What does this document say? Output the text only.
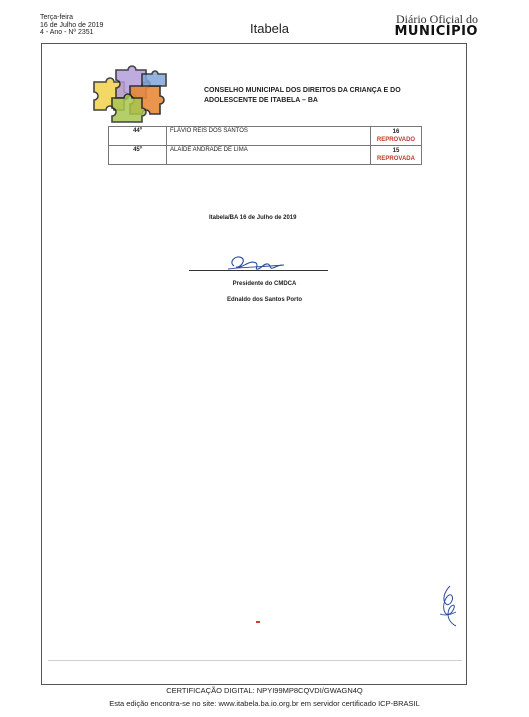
Terça-feira
16 de Julho de 2019
4 - Ano - Nº 2351	Itabela
Diário Oficial do
MUNICÍPIO
CONSELHO MUNICIPAL DOS DIREITOS DA CRIANÇA E DO
ADOLESCENTE DE ITABELA – BA
44º	FLÁVIO REIS DOS SANTOS	16
REPROVADO

45º	ALAÍDE ANDRADE DE LIMA	15
REPROVADA
Itabela/BA 16 de Julho de 2019
Presidente do CMDCA
Ednaldo dos Santos Porto
CERTIFICAÇÃO DIGITAL: NPYI99MP8CQVDI/GWAGN4Q
Esta edição encontra-se no site: www.itabela.ba.io.org.br em servidor certificado ICP-BRASIL
